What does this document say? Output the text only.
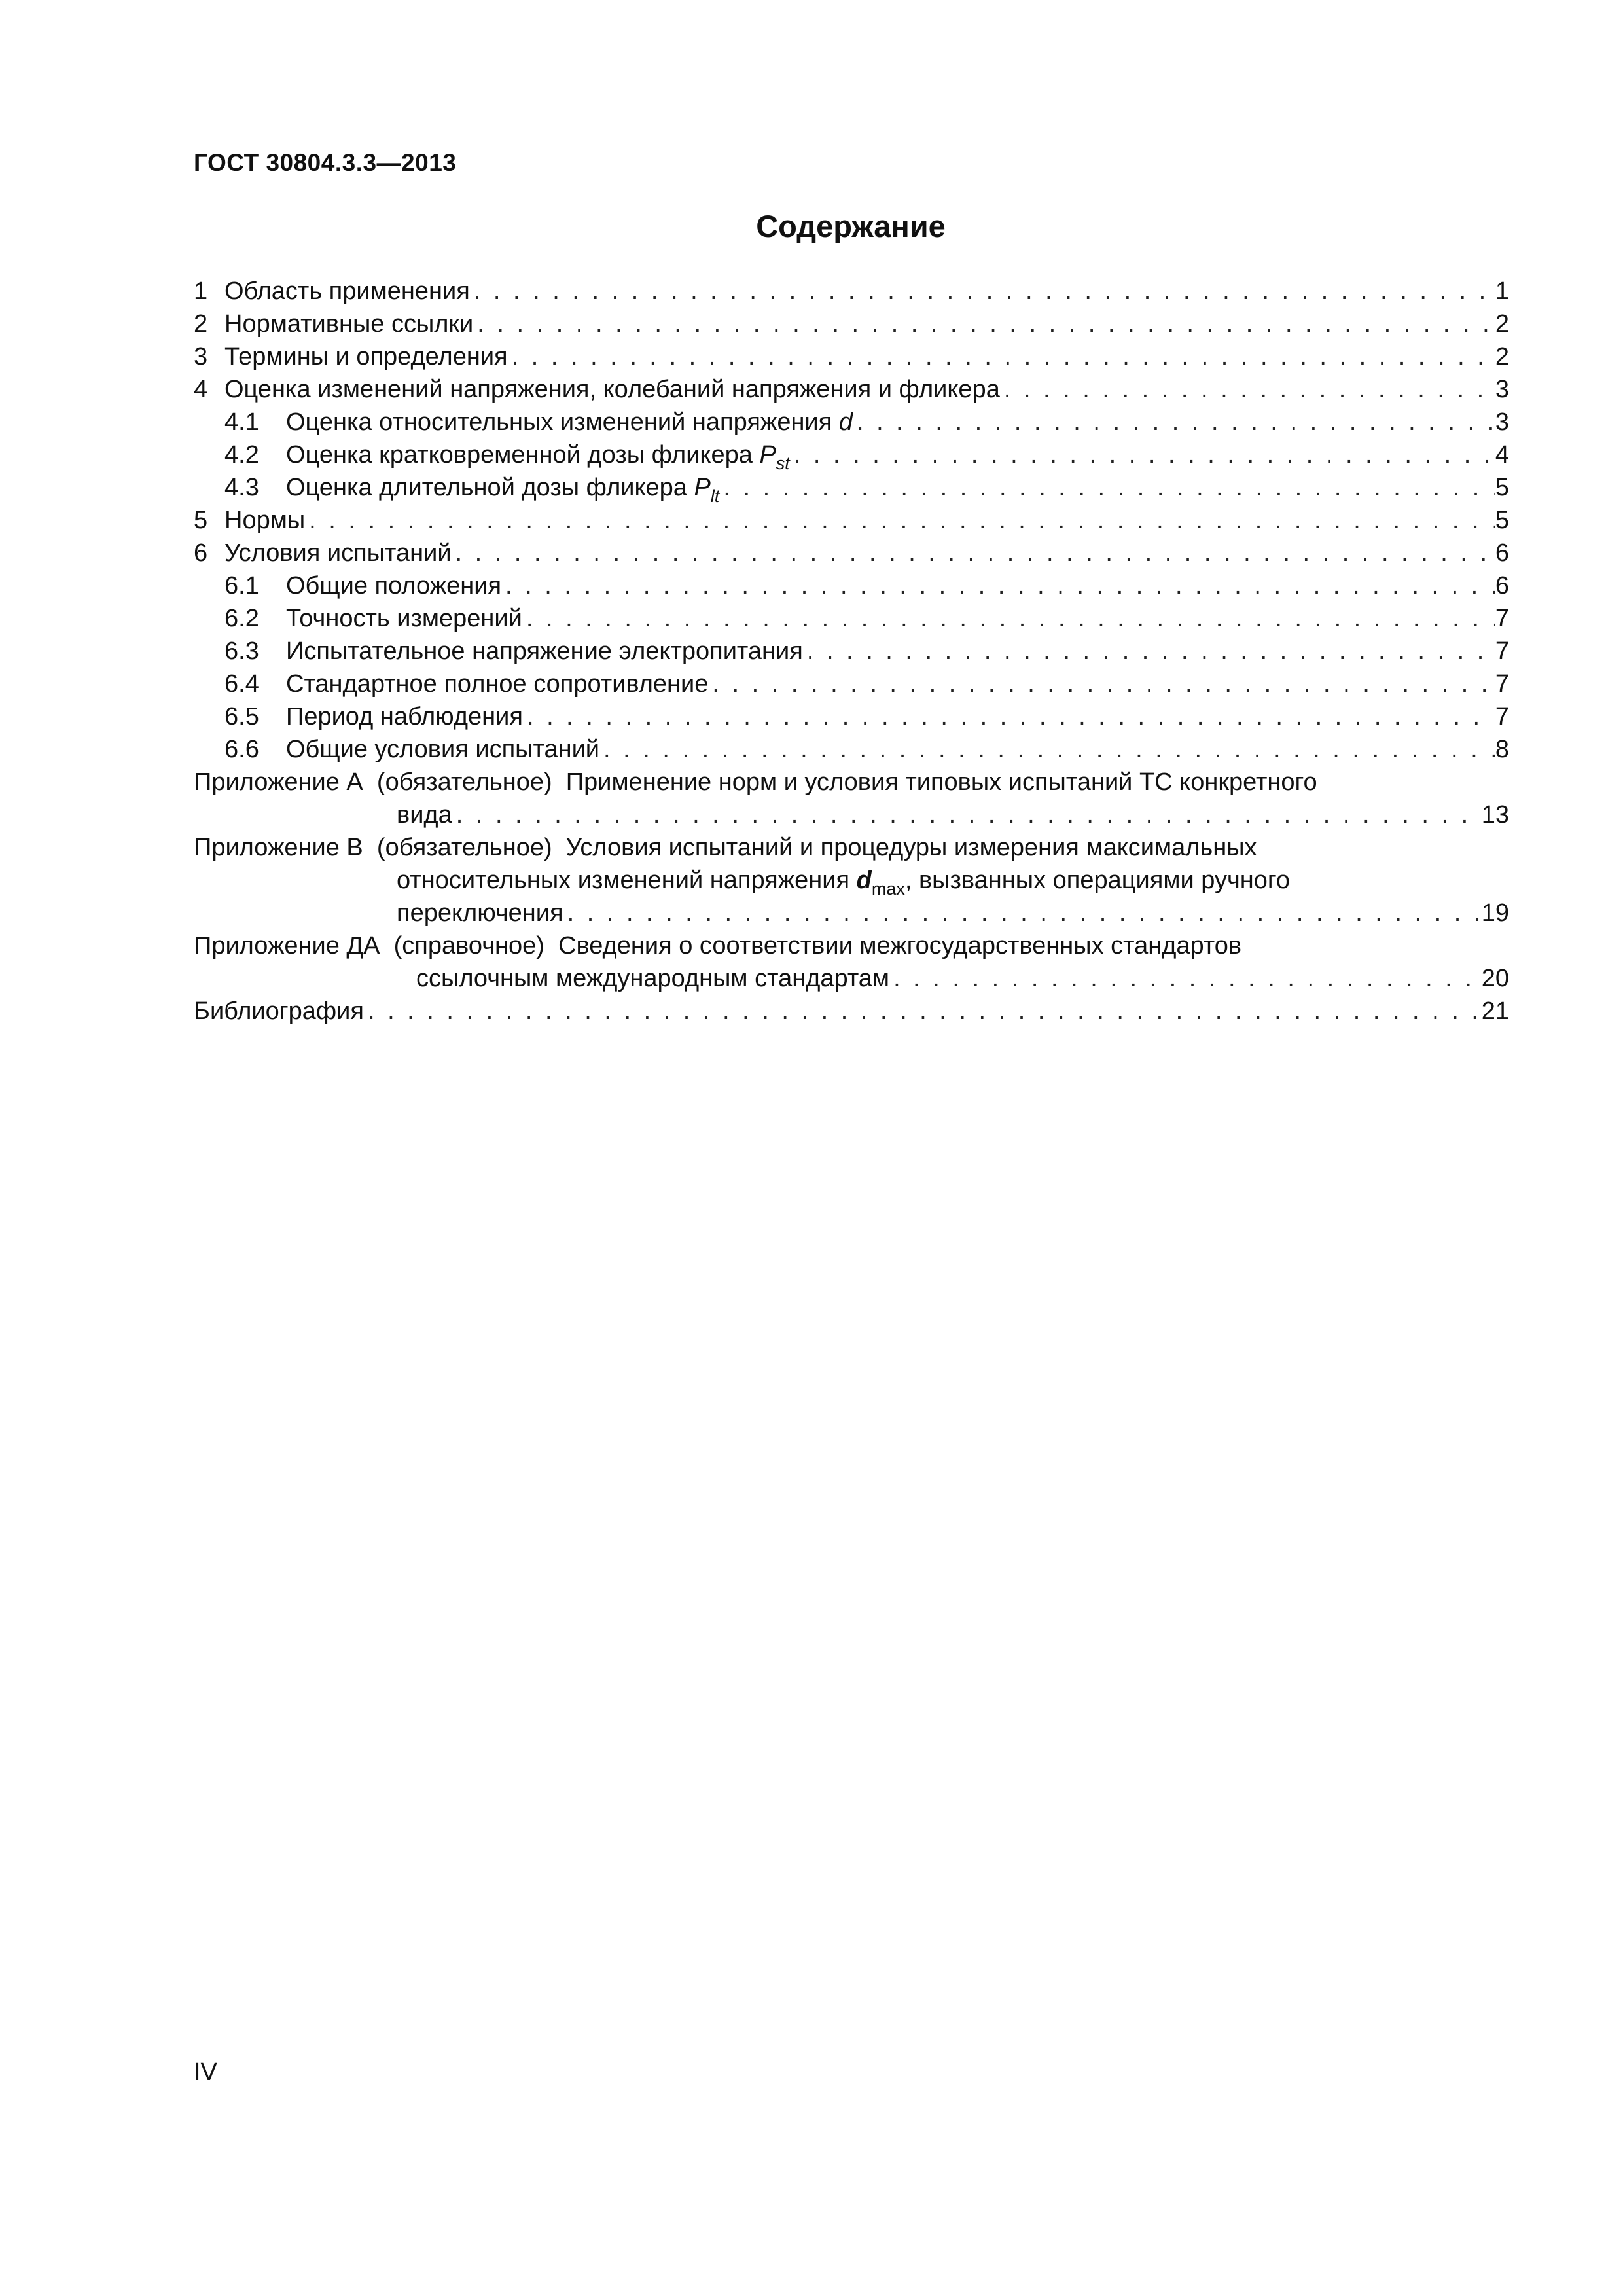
ГОСТ 30804.3.3—2013
Содержание
1 Область применения . . .	1
2 Нормативные ссылки . . .	2
3 Термины и определения . . .	2
4 Оценка изменений напряжения, колебаний напряжения и фликера . . .	3
4.1 Оценка относительных изменений напряжения d . . .	3
4.2 Оценка кратковременной дозы фликера $P_{st}$ . . .	4
4.3 Оценка длительной дозы фликера $P_{lt}$ . . .	5
5 Нормы . . .	5
6 Условия испытаний . . .	6
6.1 Общие положения . . .	6
6.2 Точность измерений . . .	7
6.3 Испытательное напряжение электропитания . . .	7
6.4 Стандартное полное сопротивление . . .	7
6.5 Период наблюдения . . .	7
6.6 Общие условия испытаний . . .	8
Приложение А (обязательное) Применение норм и условия типовых испытаний ТС конкретного
вида . . .	13
Приложение В (обязательное) Условия испытаний и процедуры измерения максимальных
относительных изменений напряжения $d_{max}$, вызванных операциями ручного
переключения . . .	19
Приложение ДА (справочное) Сведения о соответствии межгосударственных стандартов
ссылочным международным стандартам . . .	20
Библиография . . .	21
IV
